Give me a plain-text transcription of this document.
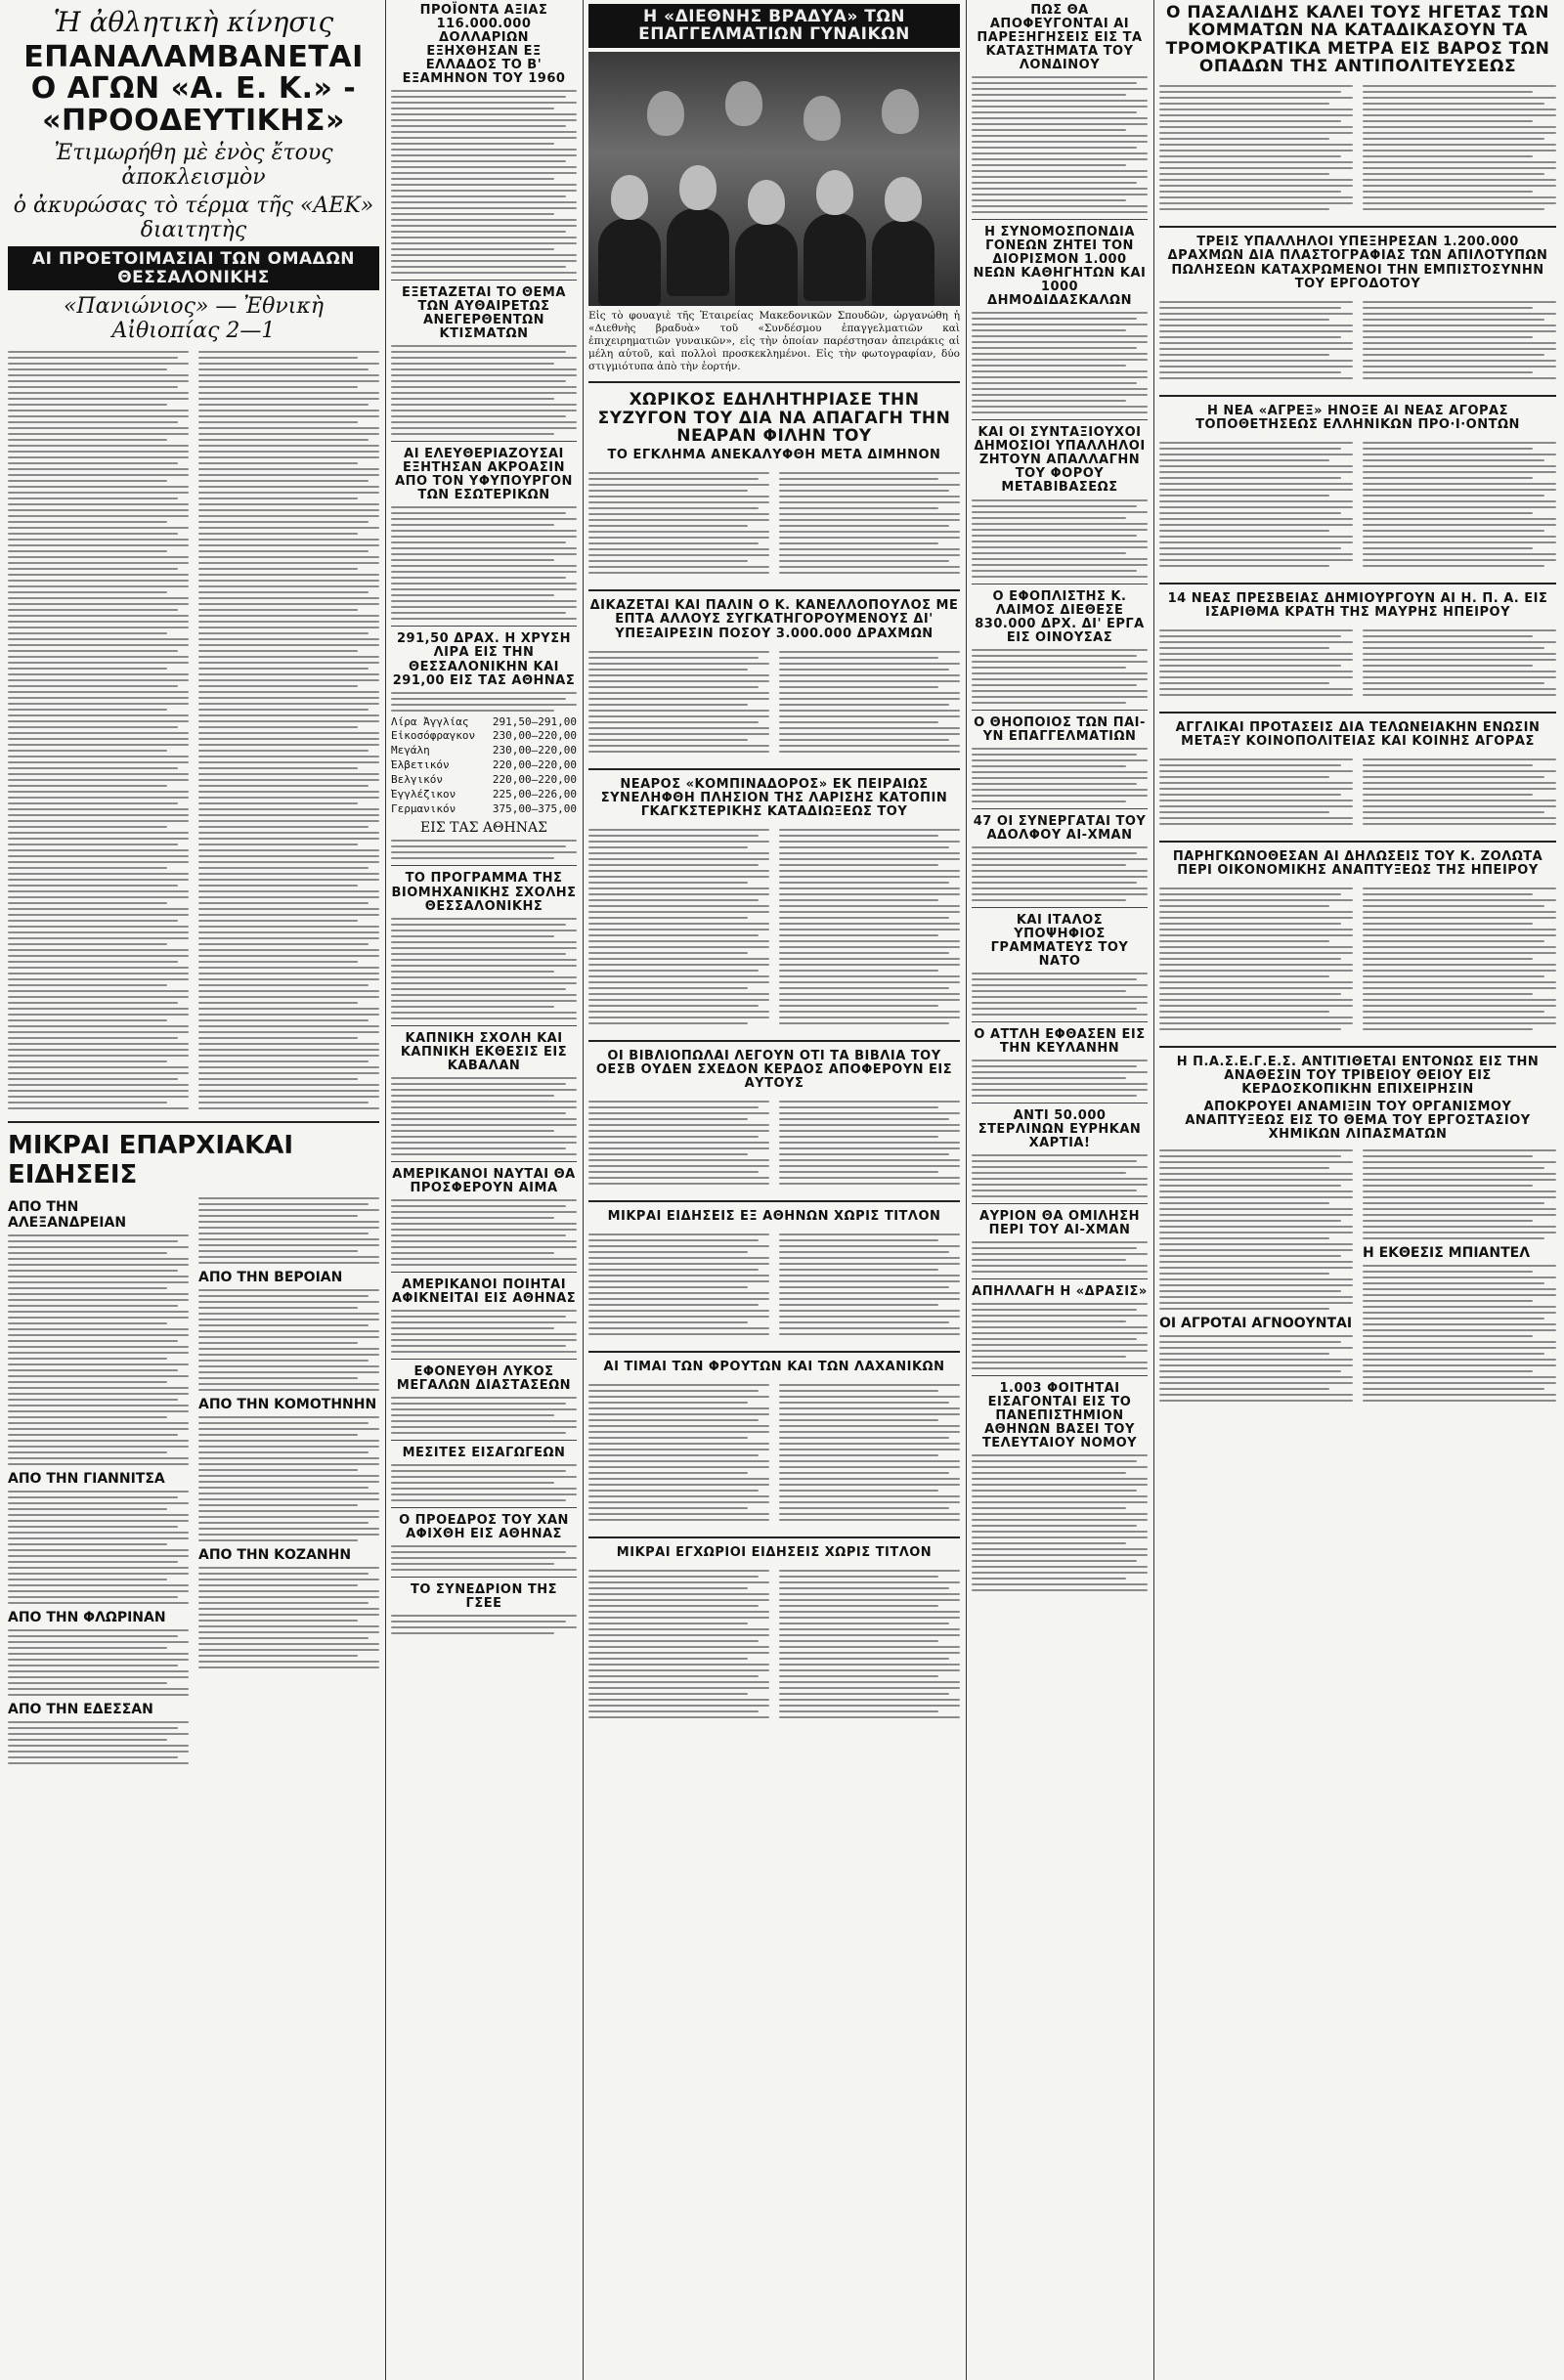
Ἡ ἀθλητικὴ κίνησις
ΕΠΑΝΑΛΑΜΒΑΝΕΤΑΙ Ο ΑΓΩΝ «Α. Ε. Κ.» - «ΠΡΟΟΔΕΥΤΙΚΗΣ»
Ἐτιμωρήθη μὲ ἑνὸς ἔτους ἀποκλεισμὸν
ὁ ἀκυρώσας τὸ τέρμα τῆς «ΑΕΚ» διαιτητὴς
ΑΙ ΠΡΟΕΤΟΙΜΑΣΙΑΙ ΤΩΝ ΟΜΑΔΩΝ ΘΕΣΣΑΛΟΝΙΚΗΣ
«Πανιώνιος» — Ἐθνικὴ Αἰθιοπίας 2—1
ΜΙΚΡΑΙ ΕΠΑΡΧΙΑΚΑΙ ΕΙΔΗΣΕΙΣ
ΑΠΟ ΤΗΝ ΑΛΕΞΑΝΔΡΕΙΑΝ
ΑΠΟ ΤΗΝ ΓΙΑΝΝΙΤΣΑ
ΑΠΟ ΤΗΝ ΦΛΩΡΙΝΑΝ
ΑΠΟ ΤΗΝ ΕΔΕΣΣΑΝ
ΑΠΟ ΤΗΝ ΒΕΡΟΙΑΝ
ΑΠΟ ΤΗΝ ΚΟΜΟΤΗΝΗΝ
ΑΠΟ ΤΗΝ ΚΟΖΑΝΗΝ
ΠΡΟΪΟΝΤΑ ΑΞΙΑΣ 116.000.000 ΔΟΛΛΑΡΙΩΝ ΕΞΗΧΘΗΣΑΝ ΕΞ ΕΛΛΑΔΟΣ ΤΟ Β' ΕΞΑΜΗΝΟΝ ΤΟΥ 1960
ΕΞΕΤΑΖΕΤΑΙ ΤΟ ΘΕΜΑ ΤΩΝ ΑΥΘΑΙΡΕΤΩΣ ΑΝΕΓΕΡΘΕΝΤΩΝ ΚΤΙΣΜΑΤΩΝ
ΑΙ ΕΛΕΥΘΕΡΙΑΖΟΥΣΑΙ ΕΞΗΤΗΣΑΝ ΑΚΡΟΑΣΙΝ ΑΠΟ ΤΟΝ ΥΦΥΠΟΥΡΓΟΝ ΤΩΝ ΕΣΩΤΕΡΙΚΩΝ
291,50 ΔΡΑΧ. Η ΧΡΥΣΗ ΛΙΡΑ ΕΙΣ ΤΗΝ ΘΕΣΣΑΛΟΝΙΚΗΝ ΚΑΙ 291,00 ΕΙΣ ΤΑΣ ΑΘΗΝΑΣ
Λίρα Ἀγγλίας 291,50—291,00
Εἰκοσόφραγκον 230,00—220,00
Μεγάλη	230,00—220,00
Ἐλβετικόν	220,00—220,00
Βελγικόν	220,00—220,00
Ἐγγλέζικον	225,00—226,00
Γερμανικόν	375,00—375,00
ΕΙΣ ΤΑΣ ΑΘΗΝΑΣ
ΤΟ ΠΡΟΓΡΑΜΜΑ ΤΗΣ ΒΙΟΜΗΧΑΝΙΚΗΣ ΣΧΟΛΗΣ ΘΕΣΣΑΛΟΝΙΚΗΣ
ΚΑΠΝΙΚΗ ΣΧΟΛΗ ΚΑΙ ΚΑΠΝΙΚΗ ΕΚΘΕΣΙΣ ΕΙΣ ΚΑΒΑΛΑΝ
ΑΜΕΡΙΚΑΝΟΙ ΝΑΥΤΑΙ ΘΑ ΠΡΟΣΦΕΡΟΥΝ ΑΙΜΑ
ΑΜΕΡΙΚΑΝΟΙ ΠΟΙΗΤΑΙ ΑΦΙΚΝΕΙΤΑΙ ΕΙΣ ΑΘΗΝΑΣ
ΕΦΟΝΕΥΘΗ ΛΥΚΟΣ ΜΕΓΑΛΩΝ ΔΙΑΣΤΑΣΕΩΝ
ΜΕΣΙΤΕΣ ΕΙΣΑΓΩΓΕΩΝ
Ο ΠΡΟΕΔΡΟΣ ΤΟΥ ΧΑΝ ΑΦΙΧΘΗ ΕΙΣ ΑΘΗΝΑΣ
ΤΟ ΣΥΝΕΔΡΙΟΝ ΤΗΣ ΓΣΕΕ
Η «ΔΙΕΘΝΗΣ ΒΡΑΔΥΑ» ΤΩΝ ΕΠΑΓΓΕΛΜΑΤΙΩΝ ΓΥΝΑΙΚΩΝ
Εἰς τὸ φουαγιὲ τῆς Ἑταιρείας Μακεδονικῶν Σπουδῶν, ὠργανώθη ἡ «Διεθνὴς βραδυὰ» τοῦ «Συνδέσμου ἐπαγγελματιῶν καὶ ἐπιχειρηματιῶν γυναικῶν», εἰς τὴν ὁποίαν παρέστησαν ἀπειράκις αἱ μέλη αὐτοῦ, καὶ πολλοὶ προσκεκλημένοι. Εἰς τὴν φωτογραφίαν, δύο στιγμιότυπα ἀπὸ τὴν ἑορτήν.
ΧΩΡΙΚΟΣ ΕΔΗΛΗΤΗΡΙΑΣΕ ΤΗΝ ΣΥΖΥΓΟΝ ΤΟΥ ΔΙΑ ΝΑ ΑΠΑΓΑΓΗ ΤΗΝ ΝΕΑΡΑΝ ΦΙΛΗΝ ΤΟΥ
ΤΟ ΕΓΚΛΗΜΑ ΑΝΕΚΑΛΥΦΘΗ ΜΕΤΑ ΔΙΜΗΝΟΝ
ΔΙΚΑΖΕΤΑΙ ΚΑΙ ΠΑΛΙΝ Ο Κ. ΚΑΝΕΛΛΟΠΟΥΛΟΣ ΜΕ ΕΠΤΑ ΑΛΛΟΥΣ ΣΥΓΚΑΤΗΓΟΡΟΥΜΕΝΟΥΣ ΔΙ' ΥΠΕΞΑΙΡΕΣΙΝ ΠΟΣΟΥ 3.000.000 ΔΡΑΧΜΩΝ
ΝΕΑΡΟΣ «ΚΟΜΠΙΝΑΔΟΡΟΣ» ΕΚ ΠΕΙΡΑΙΩΣ ΣΥΝΕΛΗΦΘΗ ΠΛΗΣΙΟΝ ΤΗΣ ΛΑΡΙΣΗΣ ΚΑΤΟΠΙΝ ΓΚΑΓΚΣΤΕΡΙΚΗΣ ΚΑΤΑΔΙΩΞΕΩΣ ΤΟΥ
ΟΙ ΒΙΒΛΙΟΠΩΛΑΙ ΛΕΓΟΥΝ ΟΤΙ ΤΑ ΒΙΒΛΙΑ ΤΟΥ ΟΕΣΒ ΟΥΔΕΝ ΣΧΕΔΟΝ ΚΕΡΔΟΣ ΑΠΟΦΕΡΟΥΝ ΕΙΣ ΑΥΤΟΥΣ
ΜΙΚΡΑΙ ΕΙΔΗΣΕΙΣ ΕΞ ΑΘΗΝΩΝ ΧΩΡΙΣ ΤΙΤΛΟΝ
ΑΙ ΤΙΜΑΙ ΤΩΝ ΦΡΟΥΤΩΝ ΚΑΙ ΤΩΝ ΛΑΧΑΝΙΚΩΝ
ΜΙΚΡΑΙ ΕΓΧΩΡΙΟΙ ΕΙΔΗΣΕΙΣ ΧΩΡΙΣ ΤΙΤΛΟΝ
ΠΩΣ ΘΑ ΑΠΟΦΕΥΓΟΝΤΑΙ ΑΙ ΠΑΡΕΞΗΓΗΣΕΙΣ ΕΙΣ ΤΑ ΚΑΤΑΣΤΗΜΑΤΑ ΤΟΥ ΛΟΝΔΙΝΟΥ
Η ΣΥΝΟΜΟΣΠΟΝΔΙΑ ΓΟΝΕΩΝ ΖΗΤΕΙ ΤΟΝ ΔΙΟΡΙΣΜΟΝ 1.000 ΝΕΩΝ ΚΑΘΗΓΗΤΩΝ ΚΑΙ 1000 ΔΗΜΟΔΙΔΑΣΚΑΛΩΝ
ΚΑΙ ΟΙ ΣΥΝΤΑΞΙΟΥΧΟΙ ΔΗΜΟΣΙΟΙ ΥΠΑΛΛΗΛΟΙ ΖΗΤΟΥΝ ΑΠΑΛΛΑΓΗΝ ΤΟΥ ΦΟΡΟΥ ΜΕΤΑΒΙΒΑΣΕΩΣ
Ο ΕΦΟΠΛΙΣΤΗΣ Κ. ΛΑΙΜΟΣ ΔΙΕΘΕΣΕ 830.000 ΔΡΧ. ΔΙ' ΕΡΓΑ ΕΙΣ ΟΙΝΟΥΣΑΣ
Ο ΘΗΟΠΟΙΟΣ ΤΩΝ ΠΑΙ-ΥΝ ΕΠΑΓΓΕΛΜΑΤΙΩΝ
47 ΟΙ ΣΥΝΕΡΓΑΤΑΙ ΤΟΥ ΑΔΟΛΦΟΥ ΑΙ-ΧΜΑΝ
ΚΑΙ ΙΤΑΛΟΣ ΥΠΟΨΗΦΙΟΣ ΓΡΑΜΜΑΤΕΥΣ ΤΟΥ ΝΑΤΟ
Ο ΑΤΤΛΗ ΕΦΘΑΣΕΝ ΕΙΣ ΤΗΝ ΚΕΥΛΑΝΗΝ
ΑΝΤΙ 50.000 ΣΤΕΡΛΙΝΩΝ ΕΥΡΗΚΑΝ ΧΑΡΤΙΑ!
ΑΥΡΙΟΝ ΘΑ ΟΜΙΛΗΣΗ ΠΕΡΙ ΤΟΥ ΑΙ-ΧΜΑΝ
ΑΠΗΛΛΑΓΗ Η «ΔΡΑΣΙΣ»
1.003 ΦΟΙΤΗΤΑΙ ΕΙΣΑΓΟΝΤΑΙ ΕΙΣ ΤΟ ΠΑΝΕΠΙΣΤΗΜΙΟΝ ΑΘΗΝΩΝ ΒΑΣΕΙ ΤΟΥ ΤΕΛΕΥΤΑΙΟΥ ΝΟΜΟΥ
Ο ΠΑΣΑΛΙΔΗΣ ΚΑΛΕΙ ΤΟΥΣ ΗΓΕΤΑΣ ΤΩΝ ΚΟΜΜΑΤΩΝ ΝΑ ΚΑΤΑΔΙΚΑΣΟΥΝ ΤΑ ΤΡΟΜΟΚΡΑΤΙΚΑ ΜΕΤΡΑ ΕΙΣ ΒΑΡΟΣ ΤΩΝ ΟΠΑΔΩΝ ΤΗΣ ΑΝΤΙΠΟΛΙΤΕΥΣΕΩΣ
ΤΡΕΙΣ ΥΠΑΛΛΗΛΟΙ ΥΠΕΞΗΡΕΣΑΝ 1.200.000 ΔΡΑΧΜΩΝ ΔΙΑ ΠΛΑΣΤΟΓΡΑΦΙΑΣ ΤΩΝ ΑΠΙΛΟΤΥΠΩΝ ΠΩΛΗΣΕΩΝ ΚΑΤΑΧΡΩΜΕΝΟΙ ΤΗΝ ΕΜΠΙΣΤΟΣΥΝΗΝ ΤΟΥ ΕΡΓΟΔΟΤΟΥ
Η ΝΕΑ «ΑΓΡΕΞ» ΗΝΟΞΕ ΑΙ ΝΕΑΣ ΑΓΟΡΑΣ ΤΟΠΟΘΕΤΗΣΕΩΣ ΕΛΛΗΝΙΚΩΝ ΠΡΟ·Ι·ΟΝΤΩΝ
14 ΝΕΑΣ ΠΡΕΣΒΕΙΑΣ ΔΗΜΙΟΥΡΓΟΥΝ ΑΙ Η. Π. Α. ΕΙΣ ΙΣΑΡΙΘΜΑ ΚΡΑΤΗ ΤΗΣ ΜΑΥΡΗΣ ΗΠΕΙΡΟΥ
ΑΓΓΛΙΚΑΙ ΠΡΟΤΑΣΕΙΣ ΔΙΑ ΤΕΛΩΝΕΙΑΚΗΝ ΕΝΩΣΙΝ ΜΕΤΑΞΥ ΚΟΙΝΟΠΟΛΙΤΕΙΑΣ ΚΑΙ ΚΟΙΝΗΣ ΑΓΟΡΑΣ
ΠΑΡΗΓΚΩΝΟΘΕΣΑΝ ΑΙ ΔΗΛΩΣΕΙΣ ΤΟΥ Κ. ΖΟΛΩΤΑ ΠΕΡΙ ΟΙΚΟΝΟΜΙΚΗΣ ΑΝΑΠΤΥΞΕΩΣ ΤΗΣ ΗΠΕΙΡΟΥ
Η Π.Α.Σ.Ε.Γ.Ε.Σ. ΑΝΤΙΤΙΘΕΤΑΙ ΕΝΤΟΝΩΣ ΕΙΣ ΤΗΝ ΑΝΑΘΕΣΙΝ ΤΟΥ ΤΡΙΒΕΙΟΥ ΘΕΙΟΥ ΕΙΣ ΚΕΡΔΟΣΚΟΠΙΚΗΝ ΕΠΙΧΕΙΡΗΣΙΝ
ΑΠΟΚΡΟΥΕΙ ΑΝΑΜΙΞΙΝ ΤΟΥ ΟΡΓΑΝΙΣΜΟΥ ΑΝΑΠΤΥΞΕΩΣ ΕΙΣ ΤΟ ΘΕΜΑ ΤΟΥ ΕΡΓΟΣΤΑΣΙΟΥ ΧΗΜΙΚΩΝ ΛΙΠΑΣΜΑΤΩΝ
ΟΙ ΑΓΡΟΤΑΙ ΑΓΝΟΟΥΝΤΑΙ
Η ΕΚΘΕΣΙΣ ΜΠΙΑΝΤΕΛ
